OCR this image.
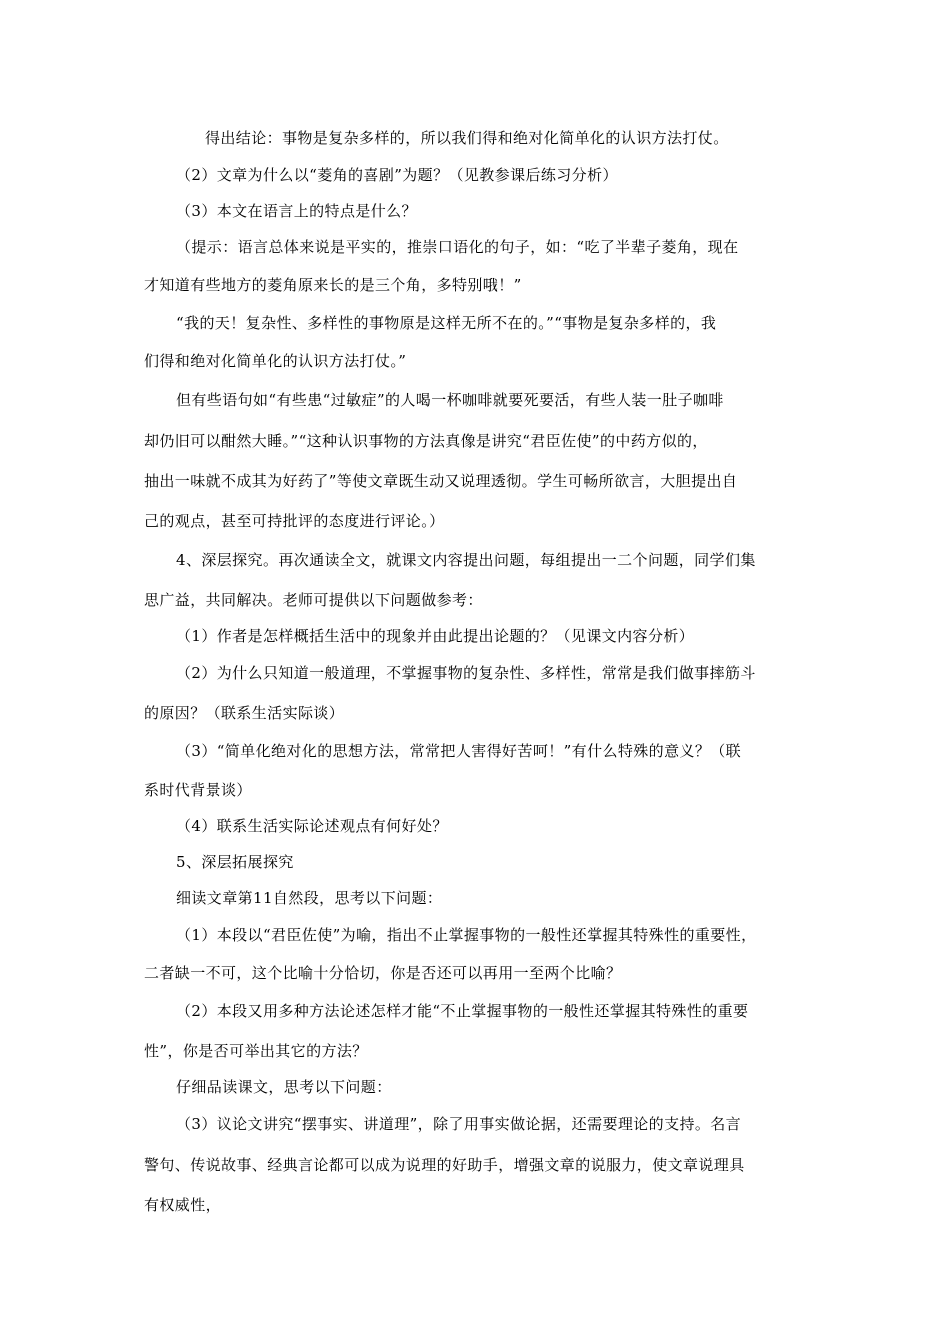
得出结论：事物是复杂多样的，所以我们得和绝对化简单化的认识方法打仗。
（2）文章为什么以“菱角的喜剧”为题？（见教参课后练习分析）
（3）本文在语言上的特点是什么？
（提示：语言总体来说是平实的，推崇口语化的句子，如：“吃了半辈子菱角，现在
才知道有些地方的菱角原来长的是三个角，多特别哦！”
“我的天！复杂性、多样性的事物原是这样无所不在的。”“事物是复杂多样的，我
们得和绝对化简单化的认识方法打仗。”
但有些语句如“有些患“过敏症”的人喝一杯咖啡就要死要活，有些人装一肚子咖啡
却仍旧可以酣然大睡。”“这种认识事物的方法真像是讲究“君臣佐使”的中药方似的，
抽出一味就不成其为好药了”等使文章既生动又说理透彻。学生可畅所欲言，大胆提出自
己的观点，甚至可持批评的态度进行评论。）
4、深层探究。再次通读全文，就课文内容提出问题，每组提出一二个问题，同学们集
思广益，共同解决。老师可提供以下问题做参考：
（1）作者是怎样概括生活中的现象并由此提出论题的？（见课文内容分析）
（2）为什么只知道一般道理，不掌握事物的复杂性、多样性，常常是我们做事摔筋斗
的原因？（联系生活实际谈）
（3）“简单化绝对化的思想方法，常常把人害得好苦呵！”有什么特殊的意义？（联
系时代背景谈）
（4）联系生活实际论述观点有何好处？
5、深层拓展探究
细读文章第11自然段，思考以下问题：
（1）本段以“君臣佐使”为喻，指出不止掌握事物的一般性还掌握其特殊性的重要性，
二者缺一不可，这个比喻十分恰切，你是否还可以再用一至两个比喻？
（2）本段又用多种方法论述怎样才能“不止掌握事物的一般性还掌握其特殊性的重要
性”，你是否可举出其它的方法？
仔细品读课文，思考以下问题：
（3）议论文讲究“摆事实、讲道理”，除了用事实做论据，还需要理论的支持。名言
警句、传说故事、经典言论都可以成为说理的好助手，增强文章的说服力，使文章说理具
有权威性，
